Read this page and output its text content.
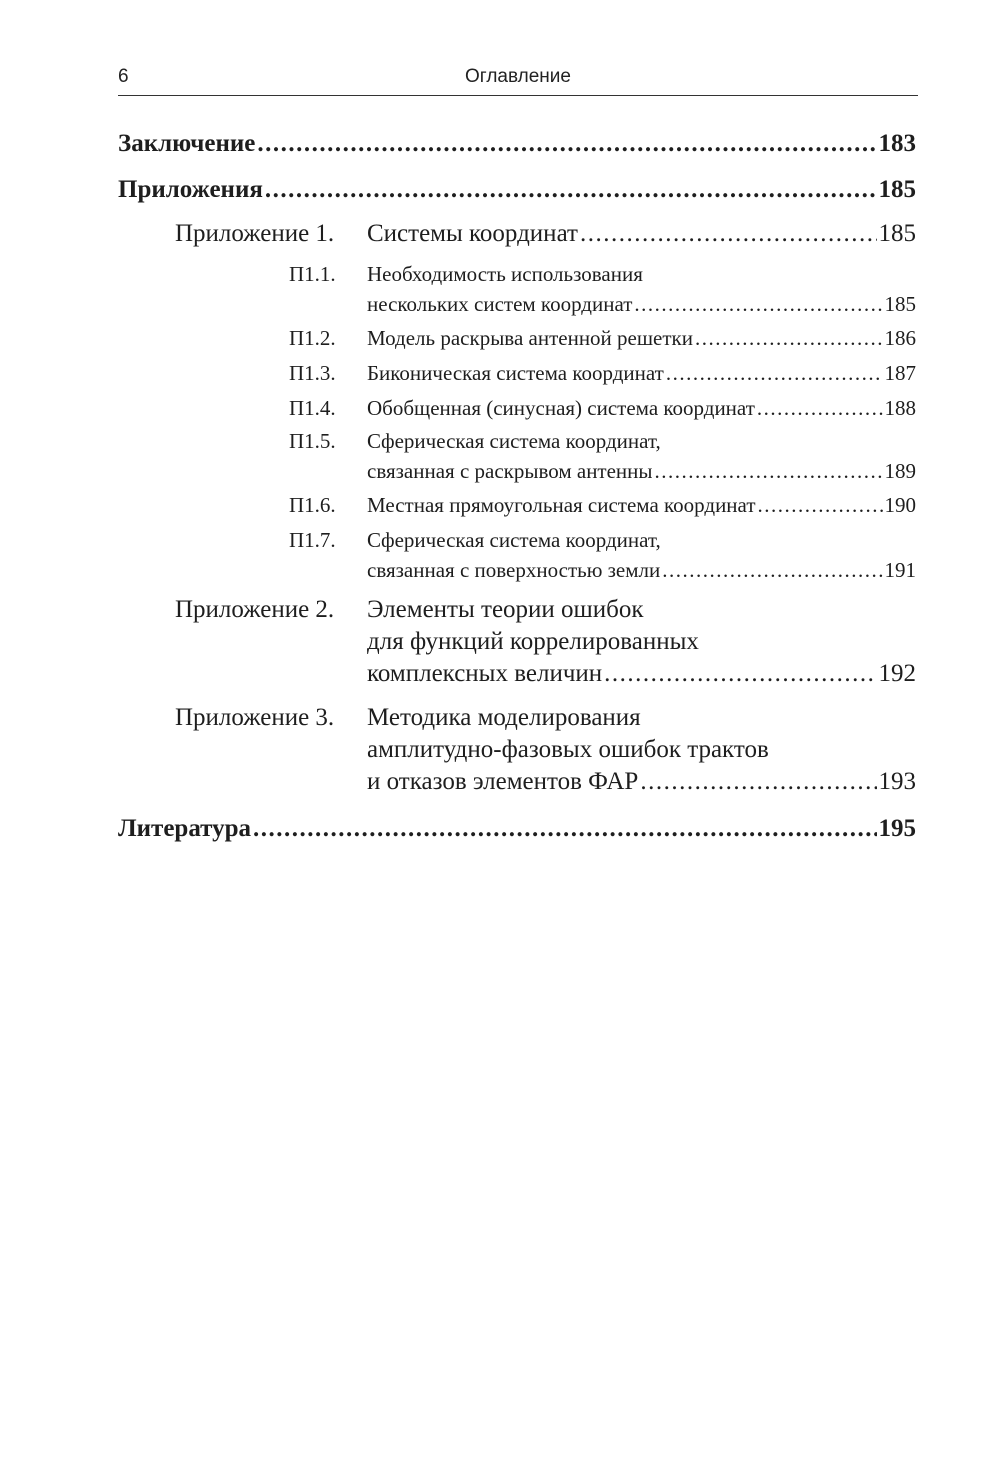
6	Оглавление
Заключение .....	183
Приложения .....	185
Приложение 1. Системы координат .....	185
П1.1. Необходимость использования
нескольких систем координат .....	185
П1.2. Модель раскрыва антенной решетки .....	186
П1.3. Биконическая система координат .....	187
П1.4. Обобщенная (синусная) система координат .....	188
П1.5. Сферическая система координат,
связанная с раскрывом антенны .....	189
П1.6. Местная прямоугольная система координат .....	190
П1.7. Сферическая система координат,
связанная с поверхностью земли .....	191
Приложение 2. Элементы теории ошибок
для функций коррелированных
комплексных величин .....	192
Приложение 3. Методика моделирования
амплитудно-фазовых ошибок трактов
и отказов элементов ФАР .....	193
Литература .....	195
